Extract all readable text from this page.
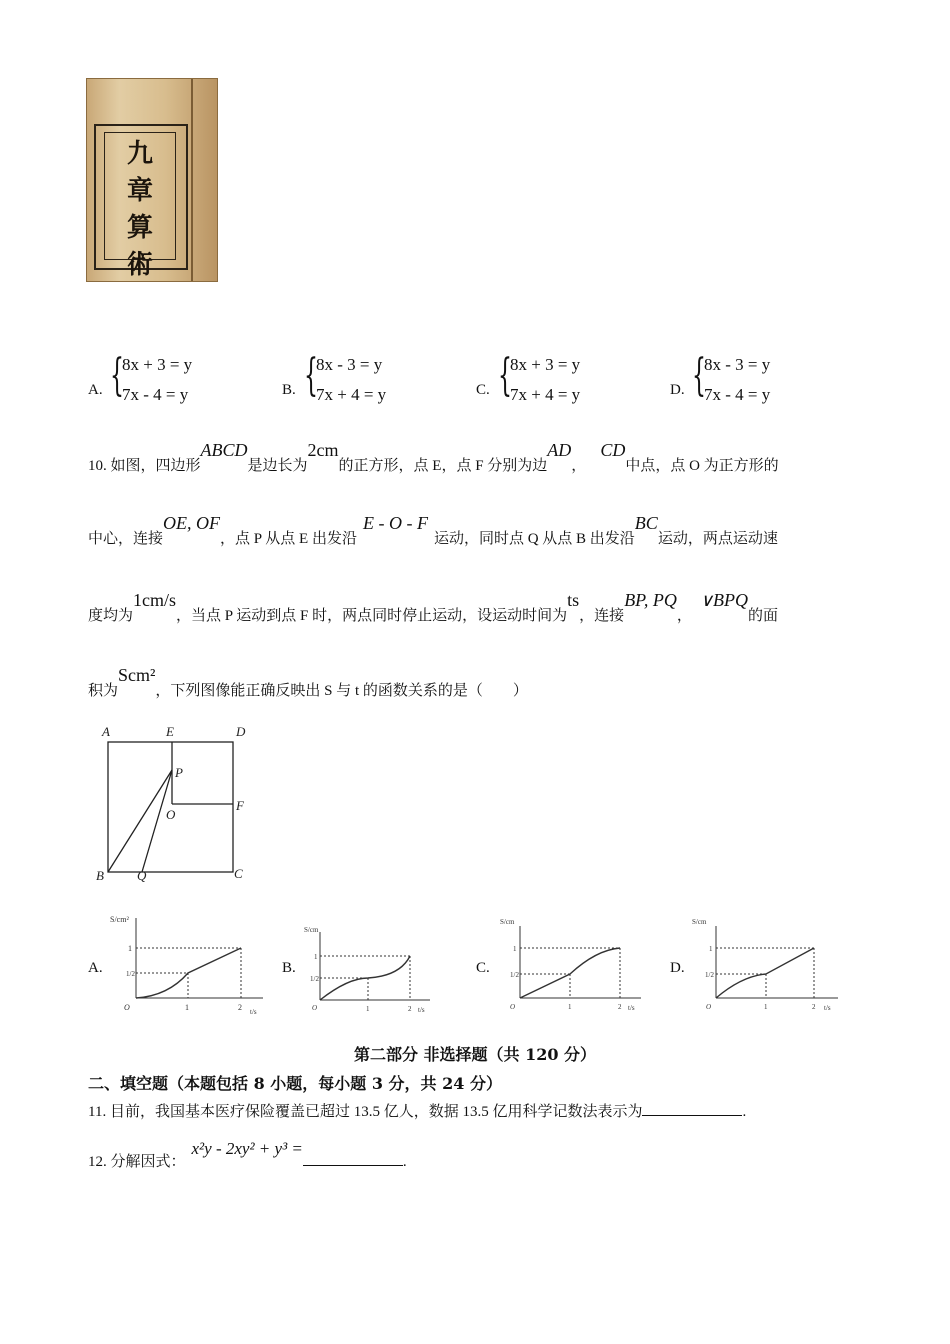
九
章
算
術
A. {
8x + 3 = y
7x - 4 = y	B. {
8x - 3 = y
7x + 4 = y	C. {
8x + 3 = y
7x + 4 = y	D. {
8x - 3 = y
7x - 4 = y
10. 如图，四边形ABCD是边长为2cm的正方形，点 E，点 F 分别为边AD，CD中点，点 O 为正方形的
中心，连接OE, OF，点 P 从点 E 出发沿E - O - F运动，同时点 Q 从点 B 出发沿BC运动，两点运动速
度均为1cm/s，当点 P 运动到点 F 时，两点同时停止运动，设运动时间为ts，连接BP, PQ，∨BPQ的面
积为Scm²，下列图像能正确反映出 S 与 t 的函数关系的是（　　）
A	E	D
P
O
F
B	Q	C
A.	B.	C.	D.
S/cm²
t/s
1
1/2
1	2
O
S/cm
t/s
1
1/2
1	2
O
S/cm
t/s
1
1/2
1	2
O
S/cm
t/s
1
1/2
1	2
O
第二部分 非选择题（共 120 分）
二、填空题（本题包括 8 小题，每小题 3 分，共 24 分）
11. 目前，我国基本医疗保险覆盖已超过 13.5 亿人，数据 13.5 亿用科学记数法表示为	.
12. 分解因式：x²y - 2xy² + y³ =.
